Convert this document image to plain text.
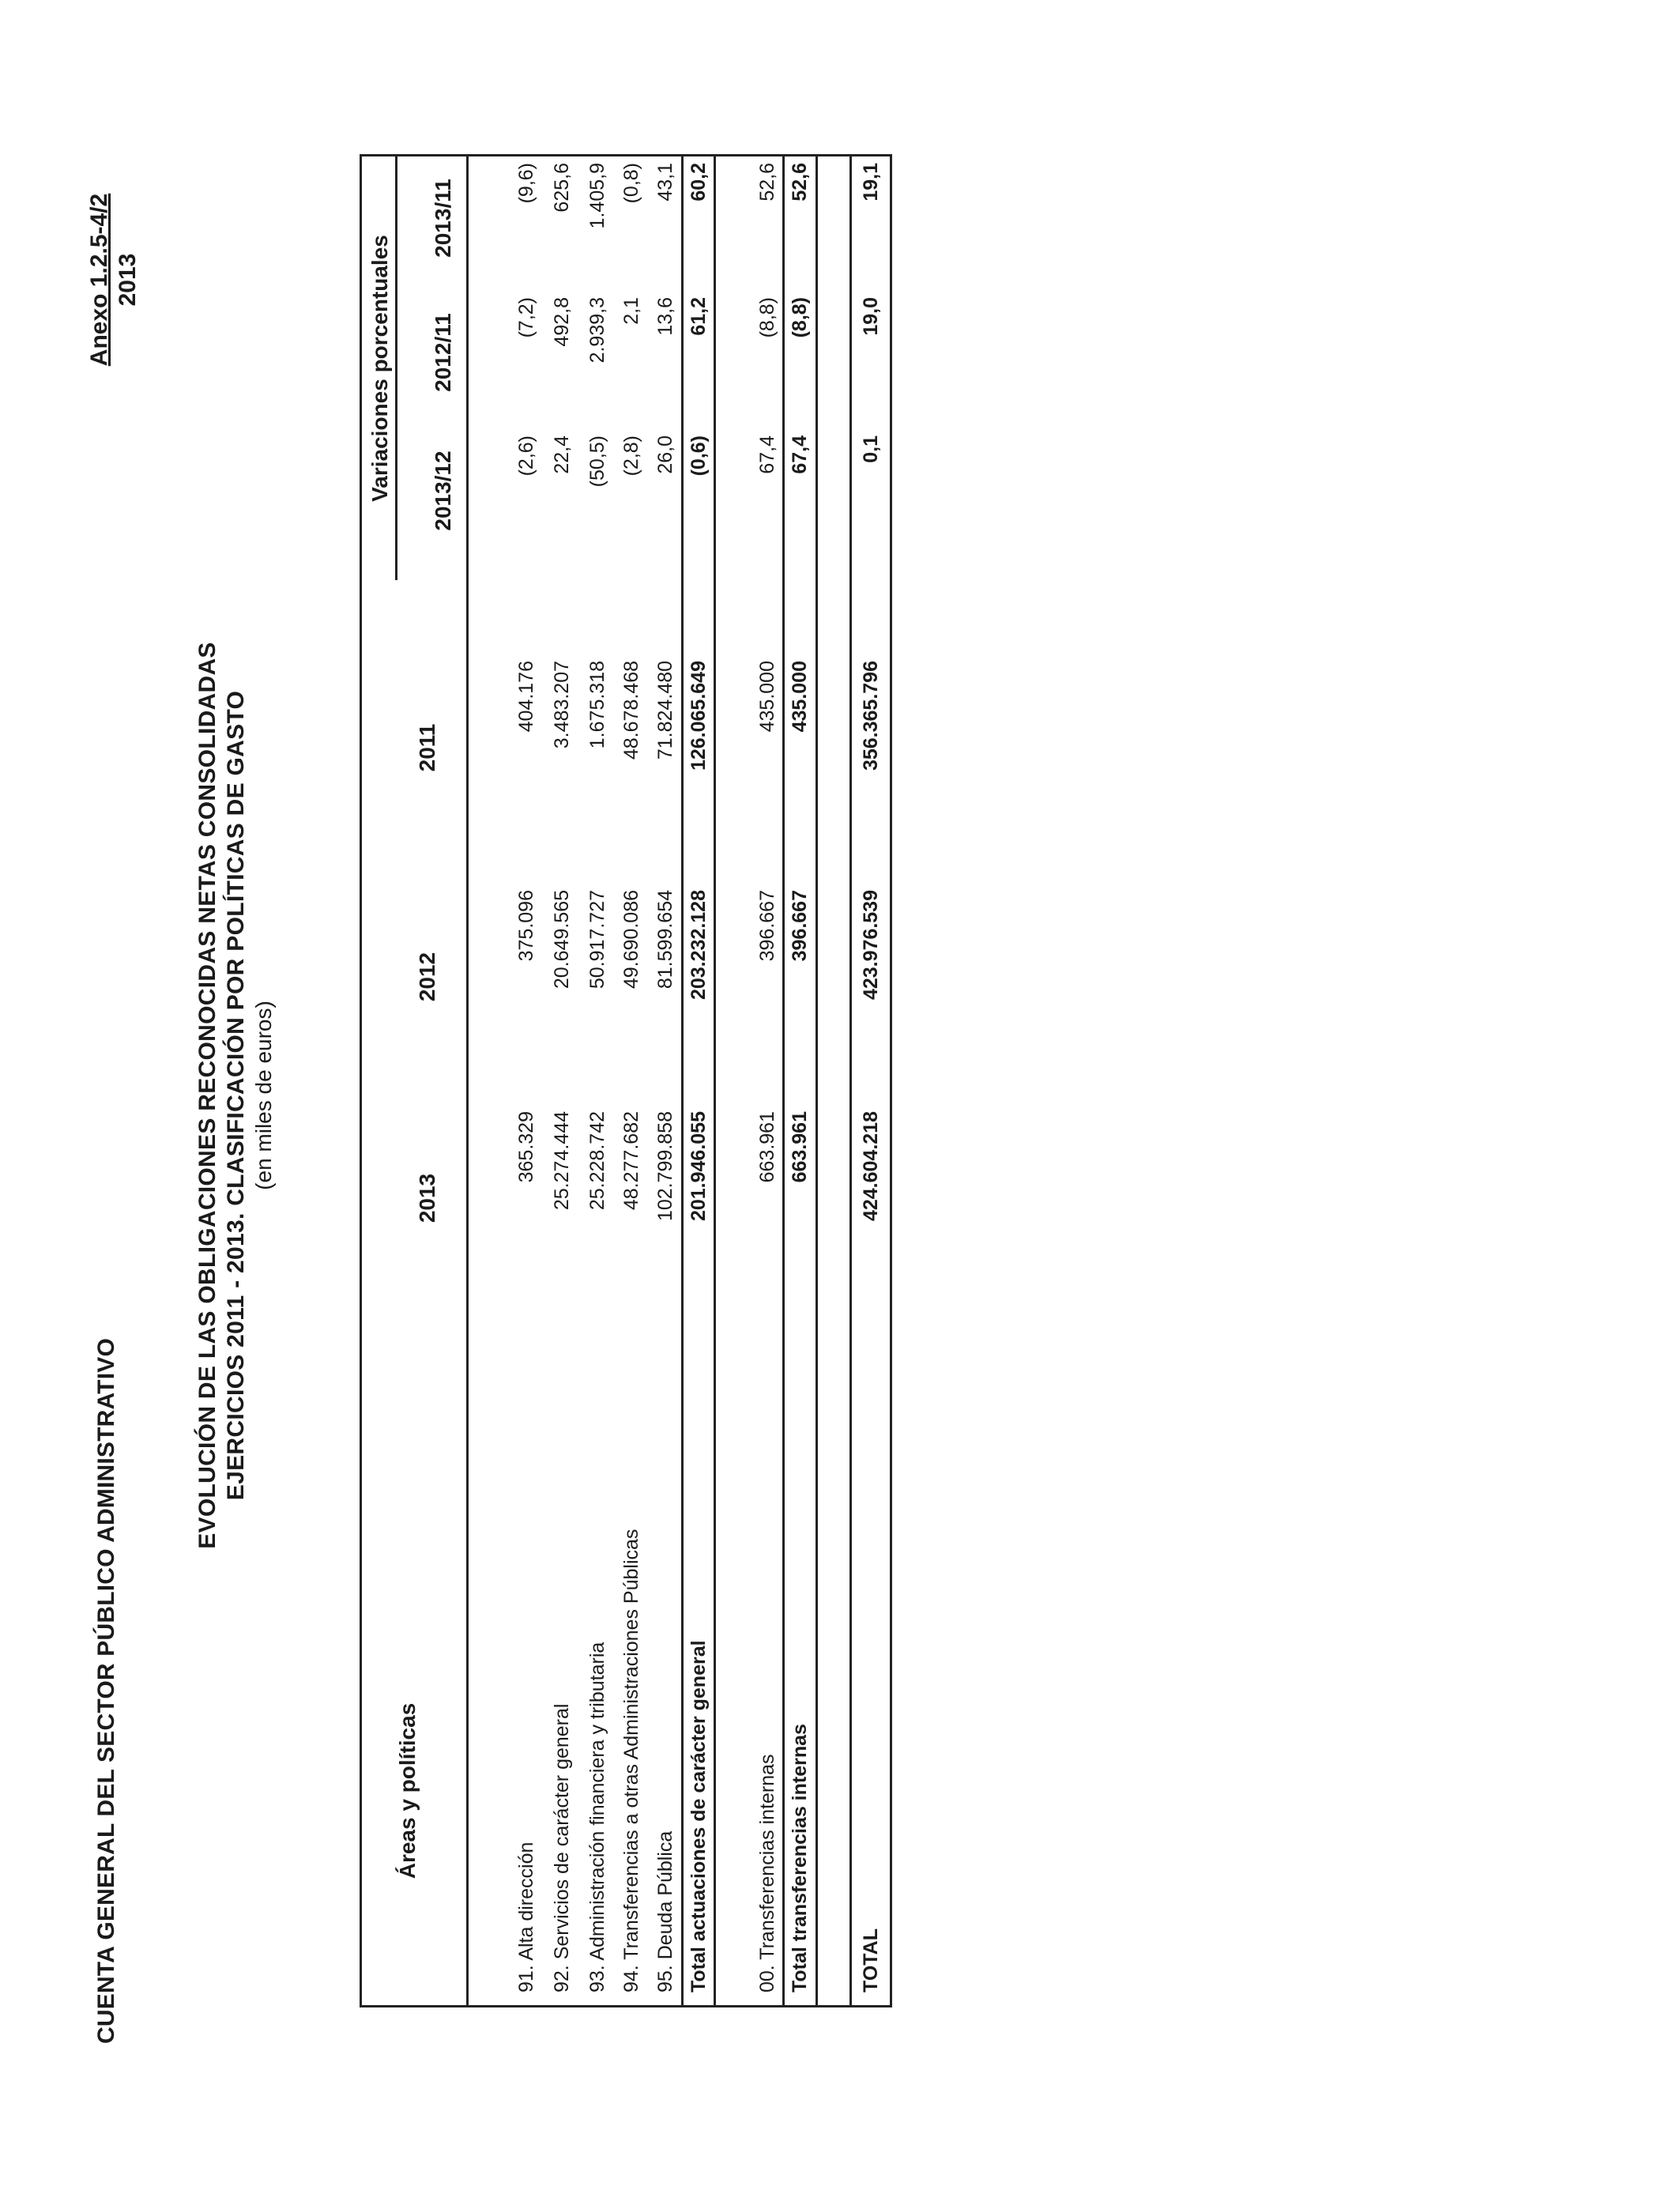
CUENTA GENERAL DEL SECTOR PÚBLICO ADMINISTRATIVO
Anexo 1.2.5-4/2 2013
EVOLUCIÓN DE LAS OBLIGACIONES RECONOCIDAS NETAS CONSOLIDADAS EJERCICIOS 2011 - 2013. CLASIFICACIÓN POR POLÍTICAS DE GASTO (en miles de euros)
Áreas y políticas
2013
2012
2011
Variaciones porcentuales 2013/12
2012/11
2013/11
91. Alta dirección
365.329
375.096
404.176
(2,6)
(7,2)
(9,6)
92. Servicios de carácter general
25.274.444
20.649.565
3.483.207
22,4
492,8
625,6
93. Administración financiera y tributaria
25.228.742
50.917.727
1.675.318
(50,5)
2.939,3
1.405,9
94. Transferencias a otras Administraciones Públicas
48.277.682
49.690.086
48.678.468
(2,8)
2,1
(0,8)
95. Deuda Pública
102.799.858
81.599.654
71.824.480
26,0
13,6
43,1
Total actuaciones de carácter general
201.946.055
203.232.128
126.065.649
(0,6)
61,2
60,2
00. Transferencias internas
663.961
396.667
435.000
67,4
(8,8)
52,6
Total transferencias internas
663.961
396.667
435.000
67,4
(8,8)
52,6
TOTAL
424.604.218
423.976.539
356.365.796
0,1
19,0
19,1
